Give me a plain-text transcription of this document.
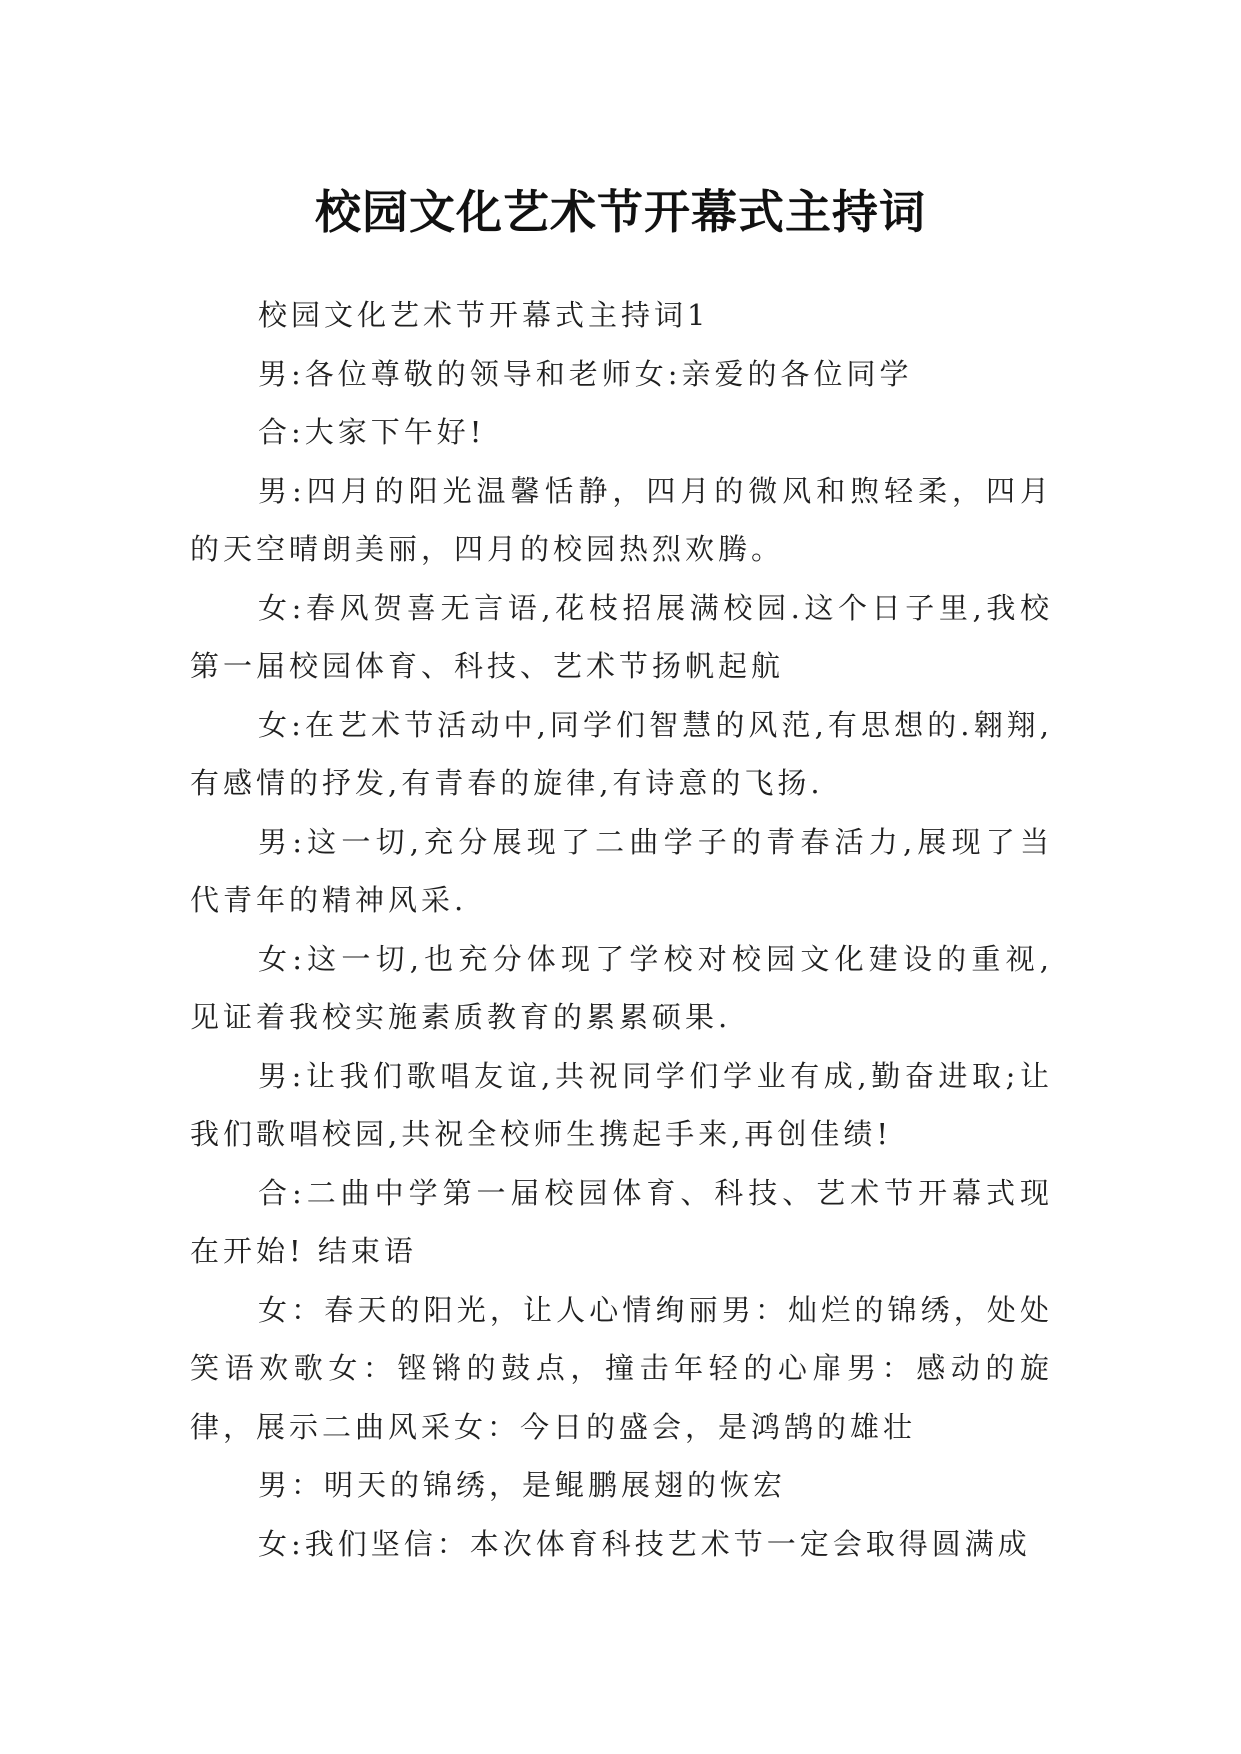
校园文化艺术节开幕式主持词

校园文化艺术节开幕式主持词1

男:各位尊敬的领导和老师女:亲爱的各位同学

合:大家下午好!

男:四月的阳光温馨恬静，四月的微风和煦轻柔，四月的天空晴朗美丽，四月的校园热烈欢腾。

女:春风贺喜无言语,花枝招展满校园.这个日子里,我校第一届校园体育、科技、艺术节扬帆起航

女:在艺术节活动中,同学们智慧的风范,有思想的.翱翔,有感情的抒发,有青春的旋律,有诗意的飞扬.

男:这一切,充分展现了二曲学子的青春活力,展现了当代青年的精神风采.

女:这一切,也充分体现了学校对校园文化建设的重视,见证着我校实施素质教育的累累硕果.

男:让我们歌唱友谊,共祝同学们学业有成,勤奋进取;让我们歌唱校园,共祝全校师生携起手来,再创佳绩!

合:二曲中学第一届校园体育、科技、艺术节开幕式现在开始! 结束语

女：春天的阳光，让人心情绚丽男：灿烂的锦绣，处处笑语欢歌女：铿锵的鼓点，撞击年轻的心扉男：感动的旋律，展示二曲风采女：今日的盛会，是鸿鹄的雄壮

男：明天的锦绣，是鲲鹏展翅的恢宏

女:我们坚信：本次体育科技艺术节一定会取得圆满成
